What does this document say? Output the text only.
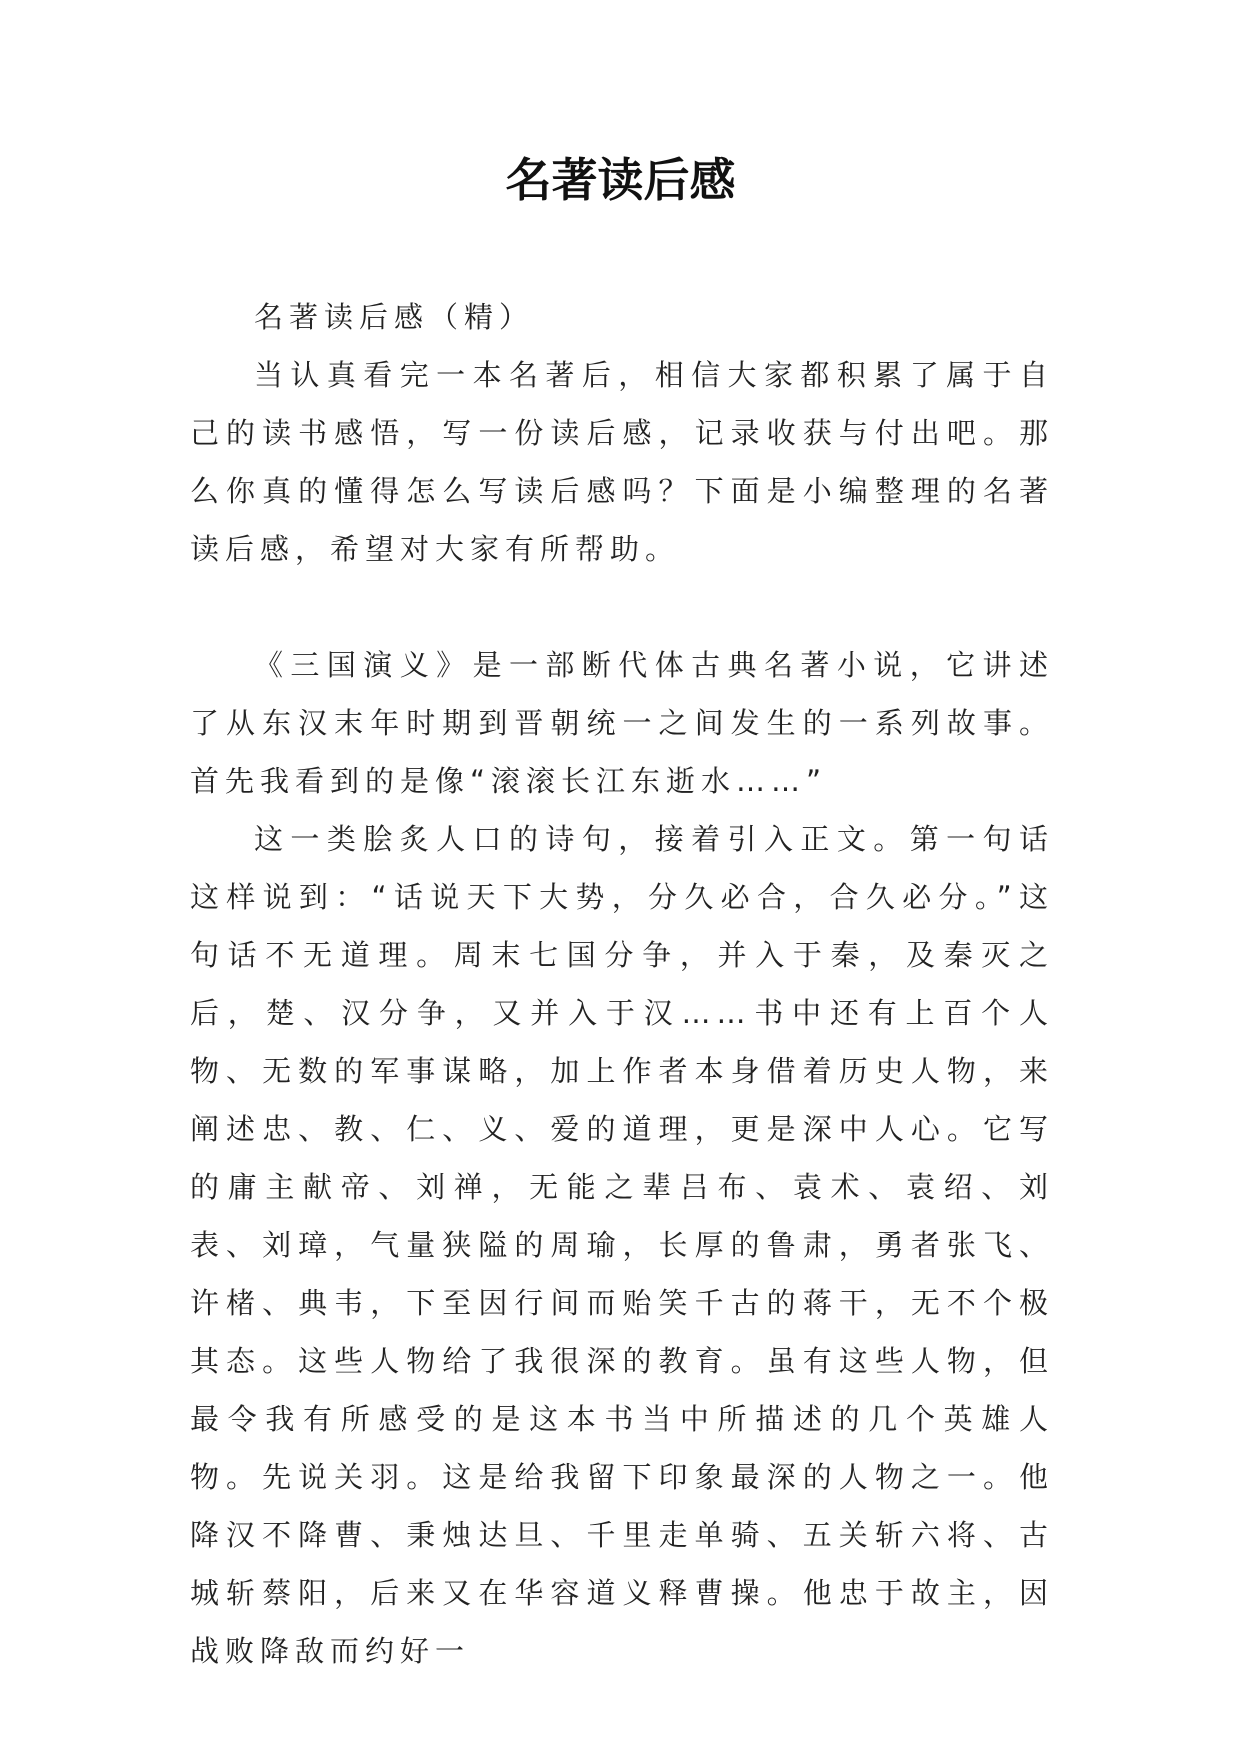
名著读后感

名著读后感（精）

当认真看完一本名著后，相信大家都积累了属于自己的读书感悟，写一份读后感，记录收获与付出吧。那么你真的懂得怎么写读后感吗？下面是小编整理的名著读后感，希望对大家有所帮助。

《三国演义》是一部断代体古典名著小说，它讲述了从东汉末年时期到晋朝统一之间发生的一系列故事。首先我看到的是像“滚滚长江东逝水……”

这一类脍炙人口的诗句，接着引入正文。第一句话这样说到：“话说天下大势，分久必合，合久必分。”这句话不无道理。周末七国分争，并入于秦，及秦灭之后，楚、汉分争，又并入于汉……书中还有上百个人物、无数的军事谋略，加上作者本身借着历史人物，来阐述忠、教、仁、义、爱的道理，更是深中人心。它写的庸主献帝、刘禅，无能之辈吕布、袁术、袁绍、刘表、刘璋，气量狭隘的周瑜，长厚的鲁肃，勇者张飞、许楮、典韦，下至因行间而贻笑千古的蒋干，无不个极其态。这些人物给了我很深的教育。虽有这些人物，但最令我有所感受的是这本书当中所描述的几个英雄人物。先说关羽。这是给我留下印象最深的人物之一。他降汉不降曹、秉烛达旦、千里走单骑、五关斩六将、古城斩蔡阳，后来又在华容道义释曹操。他忠于故主，因战败降敌而约好一
